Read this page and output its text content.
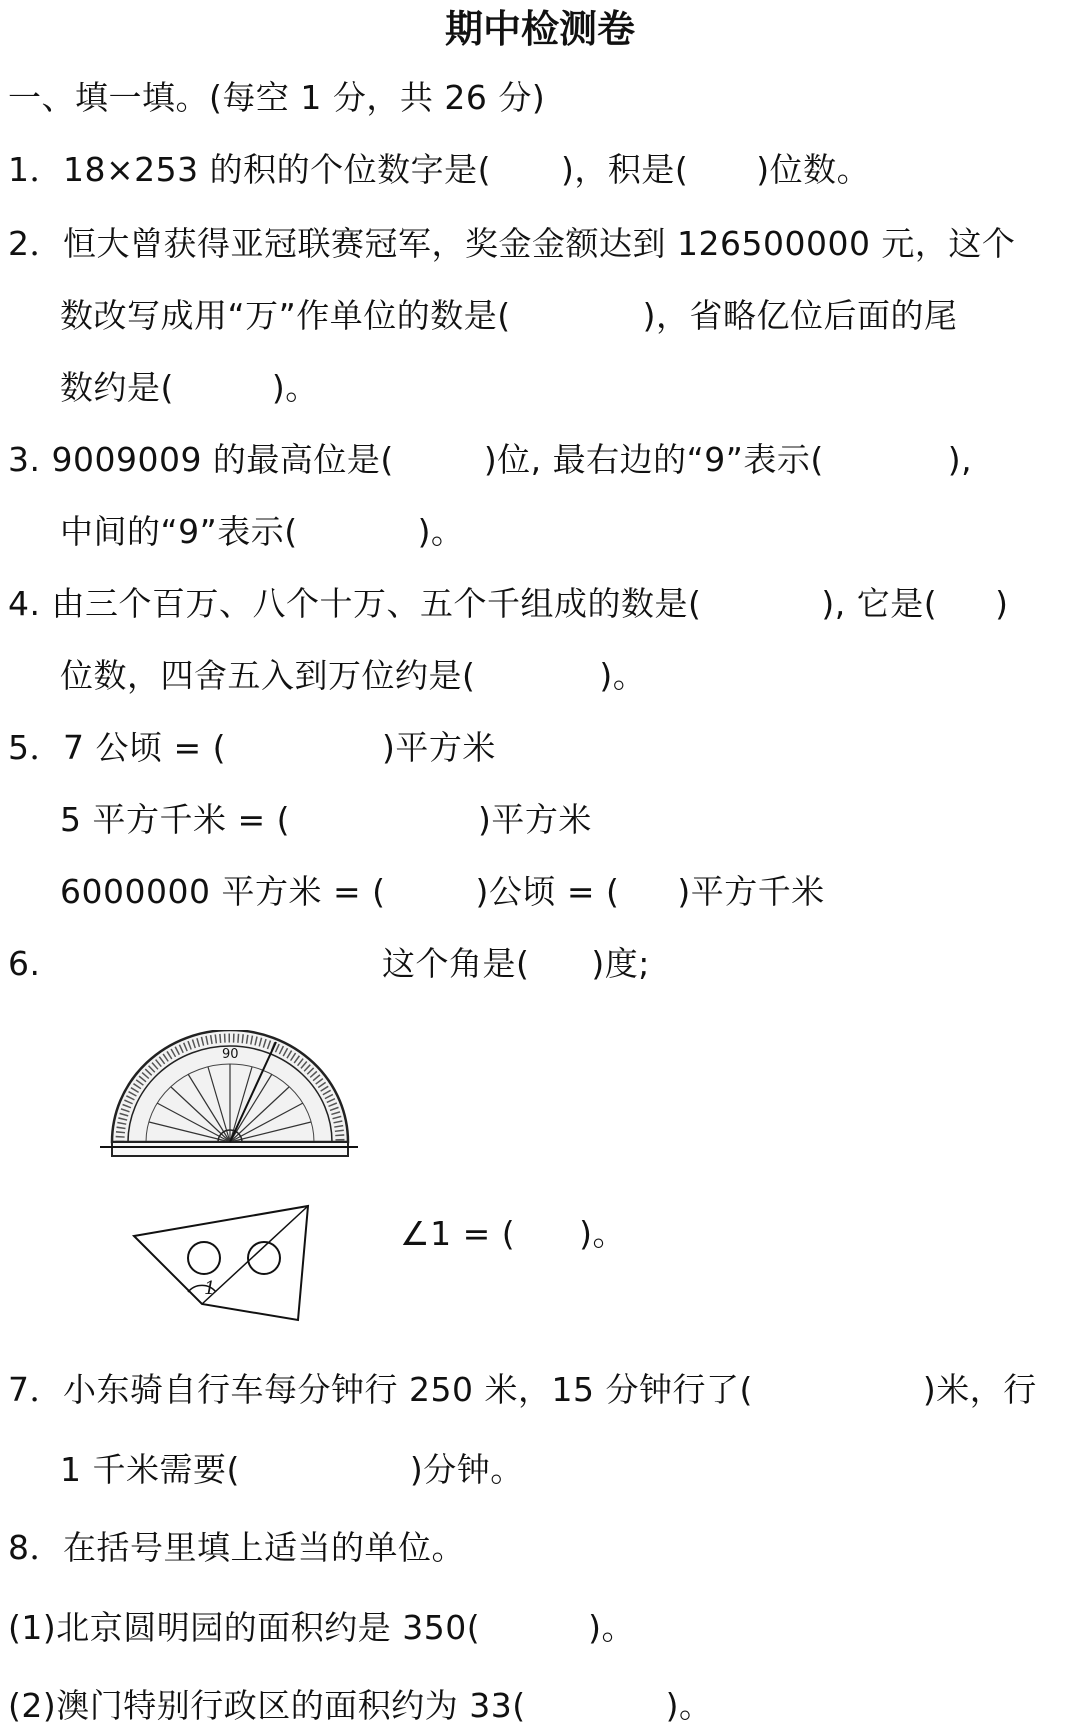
期中检测卷
一、填一填。(每空 1 分，共 26 分)
1．18×253 的积的个位数字是( )，积是( )位数。
2．恒大曾获得亚冠联赛冠军，奖金金额达到 126500000 元，这个
数改写成用“万”作单位的数是(	)，省略亿位后面的尾
数约是(	)。
3. 9009009 的最高位是(	)位, 最右边的“9”表示(	),
中间的“9”表示(	)。
4. 由三个百万、八个十万、五个千组成的数是(	), 它是( )
位数，四舍五入到万位约是(	)。
5．7 公顷 = (	)平方米
5 平方千米 = (	)平方米
6000000 平方米 = (	)公顷 = ( )平方千米
6.
90
这个角是( )度;
1
∠1 = ( )。
7．小东骑自行车每分钟行 250 米，15 分钟行了(	)米，行
1 千米需要(	)分钟。
8．在括号里填上适当的单位。
(1)北京圆明园的面积约是 350(	)。
(2)澳门特别行政区的面积约为 33(	)。
